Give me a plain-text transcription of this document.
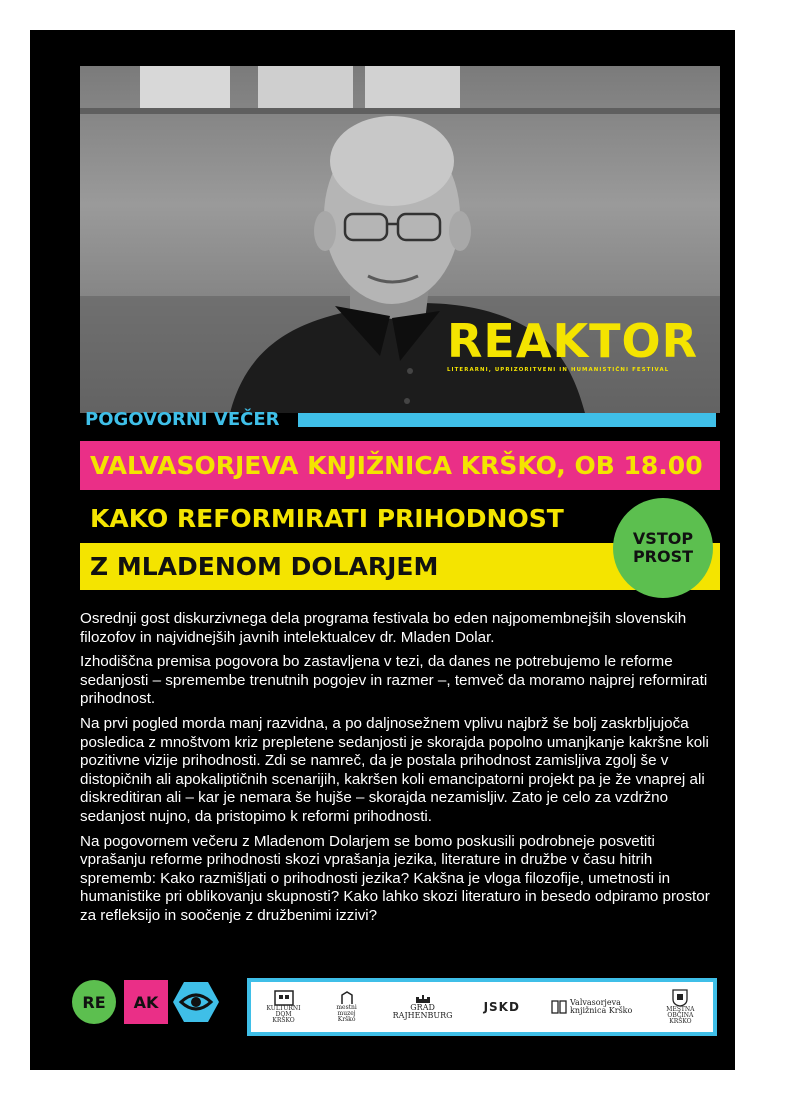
REAKTOR
LITERARNI, UPRIZORITVENI IN HUMANISTIČNI FESTIVAL
POGOVORNI VEČER
VALVASORJEVA KNJIŽNICA KRŠKO, OB 18.00
KAKO REFORMIRATI PRIHODNOST
Z MLADENOM DOLARJEM
VSTOP
PROST

Osrednji gost diskurzivnega dela programa festivala bo eden najpomembnejših slovenskih filozofov in najvidnejših javnih intelektualcev dr. Mladen Dolar.

Izhodiščna premisa pogovora bo zastavljena v tezi, da danes ne potrebujemo le reforme sedanjosti – spremembe trenutnih pogojev in razmer –, temveč da moramo najprej reformirati prihodnost.

Na prvi pogled morda manj razvidna, a po daljnosežnem vplivu najbrž še bolj zaskrbljujoča posledica z mnoštvom kriz prepletene sedanjosti je skorajda popolno umanjkanje kakršne koli pozitivne vizije prihodnosti. Zdi se namreč, da je postala prihodnost zamisljiva zgolj še v distopičnih ali apokaliptičnih scenarijih, kakršen koli emancipatorni projekt pa je že vnaprej ali diskreditiran ali – kar je nemara še hujše – skorajda nezamisljiv. Zato je celo za vzdržno sedanjost nujno, da pristopimo k reformi prihodnosti.

Na pogovornem večeru z Mladenom Dolarjem se bomo poskusili podrobneje posvetiti vprašanju reforme prihodnosti skozi vprašanja jezika, literature in družbe v času hitrih sprememb: Kako razmišljati o prihodnosti jezika? Kakšna je vloga filozofije, umetnosti in humanistike pri oblikovanju skupnosti? Kako lahko skozi literaturo in besedo odpiramo prostor za refleksijo in soočenje z družbenimi izzivi?

RE AK	KULTURNI DOM KRŠKO
mestni muzej Krško
GRAD
RAJHENBURG
JSKD	Valvasorjeva
knjižnica Krško	MESTNA OBČINA KRŠKO
